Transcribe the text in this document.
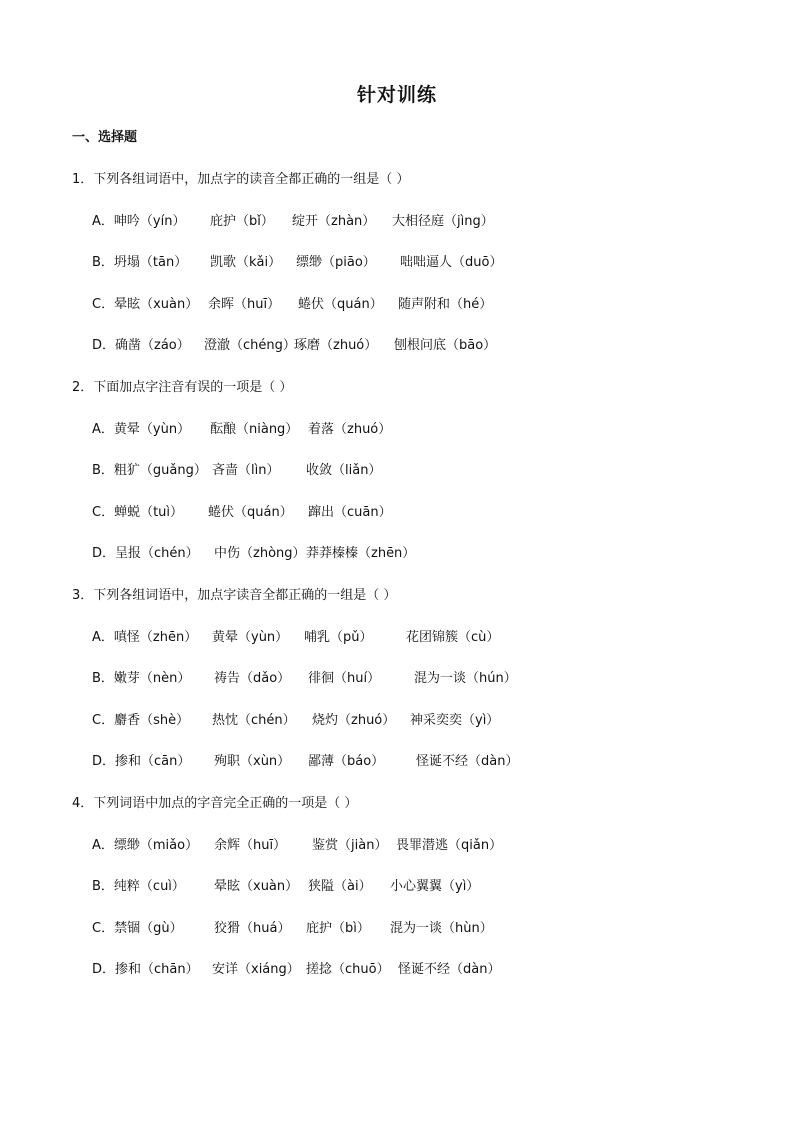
针对训练
一、选择题
1．下列各组词语中，加点字的读音全都正确的一组是（ ）
A．呻吟（yín） 庇护（bǐ） 绽开（zhàn） 大相径庭（jìng）
B．坍塌（tān） 凯歌（kǎi） 缥缈（piāo） 咄咄逼人（duō）
C．晕眩（xuàn） 余晖（huī） 蜷伏（quán） 随声附和（hé）
D．确凿（záo） 澄澈（chéng）
琢磨（zhuó） 刨根问底（bāo）
2．下面加点字注音有误的一项是（ ）
A．黄晕（yùn） 酝酿（niàng） 着落（zhuó）
B．粗犷（guǎng） 吝啬（lìn） 收敛（liǎn）
C．蝉蜕（tuì） 蜷伏（quán） 蹿出（cuān）
D．呈报（chén） 中伤（zhòng） 莽莽榛榛（zhēn）
3．下列各组词语中，加点字读音全都正确的一组是（ ）
A．嗔怪（zhēn） 黄晕（yùn） 哺乳（pǔ）	花团锦簇（cù）
B．嫩芽（nèn） 祷告（dǎo） 徘徊（huí）	混为一谈（hún）
C．麝香（shè） 热忱（chén） 烧灼（zhuó） 神采奕奕（yì）
D．掺和（cān） 殉职（xùn） 鄙薄（báo） 怪诞不经（dàn）
4．下列词语中加点的字音完全正确的一项是（ ）
A．缥缈（miǎo） 余辉（huī） 鉴赏（jiàn） 畏罪潜逃（qiǎn）
B．纯粹（cuì） 晕眩（xuàn） 狭隘（ài） 小心翼翼（yì）
C．禁锢（gù） 狡猾（huá） 庇护（bì） 混为一谈（hùn）
D．掺和（chān） 安详（xiáng） 搓捻（chuō） 怪诞不经（dàn）
